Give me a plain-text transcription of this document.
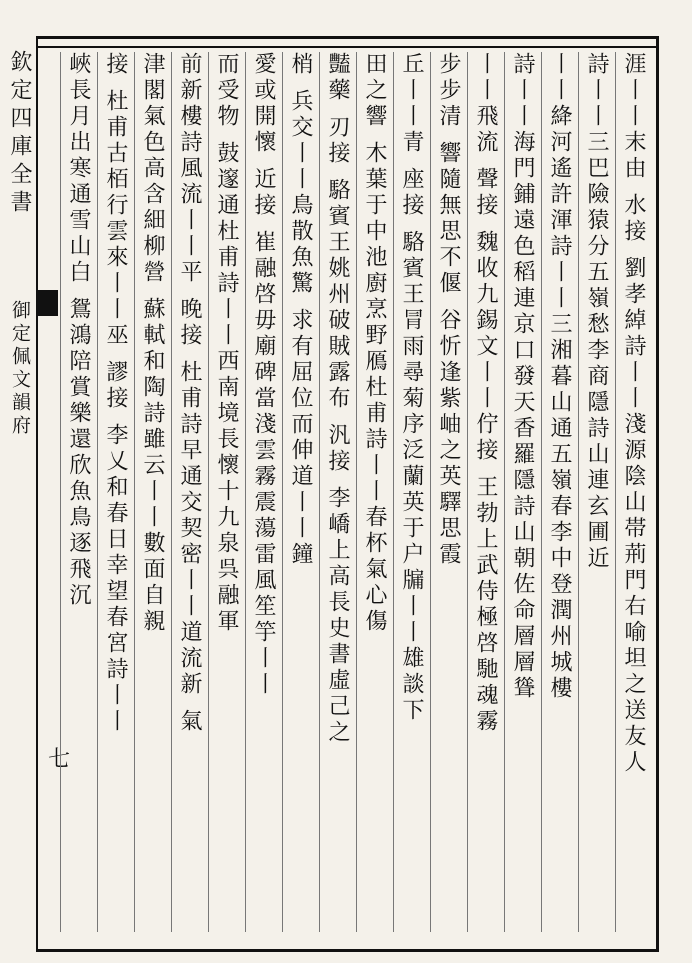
欽定四庫全書
御定佩文韻府
七	涯丨丨末由 水接 劉孝綽詩丨丨淺源陰山帯荊門右喻坦之送友人
詩丨丨三巴險猿分五嶺愁李商隱詩山連玄圃近
丨丨絳河遙許渾詩丨丨三湘暮山通五嶺春李中登潤州城樓
詩丨丨海門鋪遠色稻連京口發天香羅隱詩山朝佐命層層聳
丨丨飛流 聲接 魏收九錫文丨丨佇接 王勃上武侍極啓馳魂霧
步步清 響隨無思不偃 谷忻逢紫岫之英驛思霞
丘丨丨青 座接 駱賓王冐雨尋菊序泛蘭英于户牖丨丨雄談下
田之響 木葉于中池廚烹野鴈杜甫詩丨丨春杯氣心傷
豔藥 刃接 駱賓王姚州破賊露布 汎接 李嶠上高長史書虛己之
梢 兵交丨丨鳥散魚驚 求有屈位而伸道丨丨鐘
愛或開懷 近接 崔融啓毋廟碑當淺雲霧震蕩雷風笙竽丨丨
而受物 鼓邃通杜甫詩丨丨西南境長懷十九泉呉融軍
前新樓詩風流丨丨平 晚接 杜甫詩早通交契密丨丨道流新 氣
津閣氣色高含細柳營 蘇軾和陶詩雖云丨丨數面自親
接 杜甫古栢行雲來丨丨巫 謬接 李乂和春日幸望春宮詩丨丨
峽長月出寒通雪山白 鴛鴻陪賞樂還欣魚鳥逐飛沉
